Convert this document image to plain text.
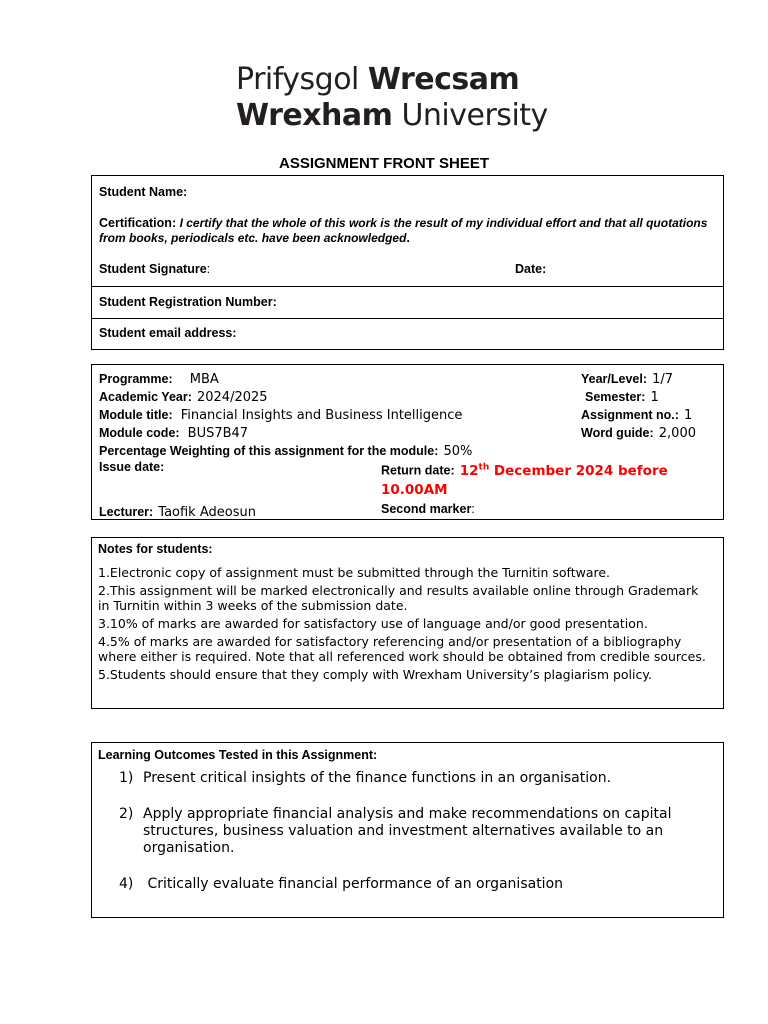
Prifysgol Wrecsam
Wrexham University
ASSIGNMENT FRONT SHEET
Student Name:
Certification: I certify that the whole of this work is the result of my individual effort and that all quotations from books, periodicals etc. have been acknowledged.
Student Signature:	Date:
Student Registration Number:
Student email address:
Programme: MBA	Year/Level: 1/7
Academic Year: 2024/2025	Semester: 1
Module title: Financial Insights and Business Intelligence	Assignment no.: 1
Module code: BUS7B47	Word guide: 2,000
Percentage Weighting of this assignment for the module: 50%
Issue date:	Return date: 12th December 2024 before
10.00AM
Lecturer: Taofik Adeosun	Second marker:
Notes for students:
1.Electronic copy of assignment must be submitted through the Turnitin software.
2.This assignment will be marked electronically and results available online through Grademark in Turnitin within 3 weeks of the submission date.
3.10% of marks are awarded for satisfactory use of language and/or good presentation.
4.5% of marks are awarded for satisfactory referencing and/or presentation of a bibliography where either is required. Note that all referenced work should be obtained from credible sources.
5.Students should ensure that they comply with Wrexham University’s plagiarism policy.
Learning Outcomes Tested in this Assignment:
1) Present critical insights of the finance functions in an organisation.
2) Apply appropriate financial analysis and make recommendations on capital structures, business valuation and investment alternatives available to an organisation.
4) Critically evaluate financial performance of an organisation
